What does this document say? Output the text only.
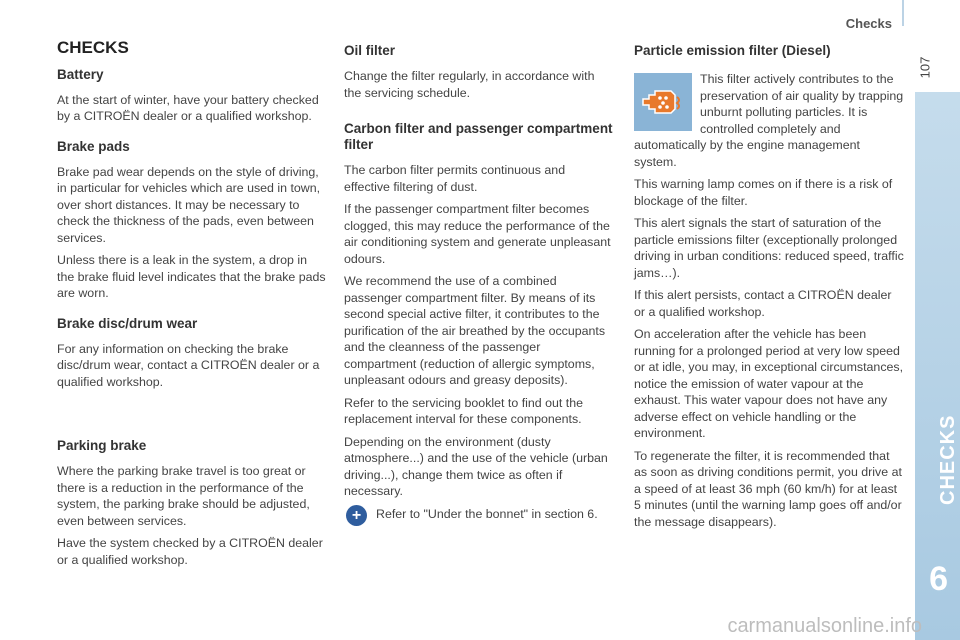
Checks
107
CHECKS
6
CHECKS
Battery

At the start of winter, have your battery checked by a CITROËN dealer or a qualified workshop.

Brake pads

Brake pad wear depends on the style of driving, in particular for vehicles which are used in town, over short distances. It may be necessary to check the thickness of the pads, even between services.

Unless there is a leak in the system, a drop in the brake fluid level indicates that the brake pads are worn.

Brake disc/drum wear

For any information on checking the brake disc/drum wear, contact a CITROËN dealer or a qualified workshop.

Parking brake

Where the parking brake travel is too great or there is a reduction in the performance of the system, the parking brake should be adjusted, even between services.

Have the system checked by a CITROËN dealer or a qualified workshop.

Oil filter

Change the filter regularly, in accordance with the servicing schedule.

Carbon filter and passenger compartment filter

The carbon filter permits continuous and effective filtering of dust.

If the passenger compartment filter becomes clogged, this may reduce the performance of the air conditioning system and generate unpleasant odours.

We recommend the use of a combined passenger compartment filter. By means of its second special active filter, it contributes to the purification of the air breathed by the occupants and the cleanness of the passenger compartment (reduction of allergic symptoms, unpleasant odours and greasy deposits).

Refer to the servicing booklet to find out the replacement interval for these components.

Depending on the environment (dusty atmosphere...) and the use of the vehicle (urban driving...), change them twice as often if necessary.

+	Refer to "Under the bonnet" in section 6.
Particle emission filter (Diesel)

This filter actively contributes to the preservation of air quality by trapping unburnt polluting particles. It is controlled completely and automatically by the engine management system.

This warning lamp comes on if there is a risk of blockage of the filter.

This alert signals the start of saturation of the particle emissions filter (exceptionally prolonged driving in urban conditions: reduced speed, traffic jams…).

If this alert persists, contact a CITROËN dealer or a qualified workshop.

On acceleration after the vehicle has been running for a prolonged period at very low speed or at idle, you may, in exceptional circumstances, notice the emission of water vapour at the exhaust. This water vapour does not have any adverse effect on vehicle handling or the environment.

To regenerate the filter, it is recommended that as soon as driving conditions permit, you drive at a speed of at least 36 mph (60 km/h) for at least 5 minutes (until the warning lamp goes off and/or the message disappears).

carmanualsonline.info
